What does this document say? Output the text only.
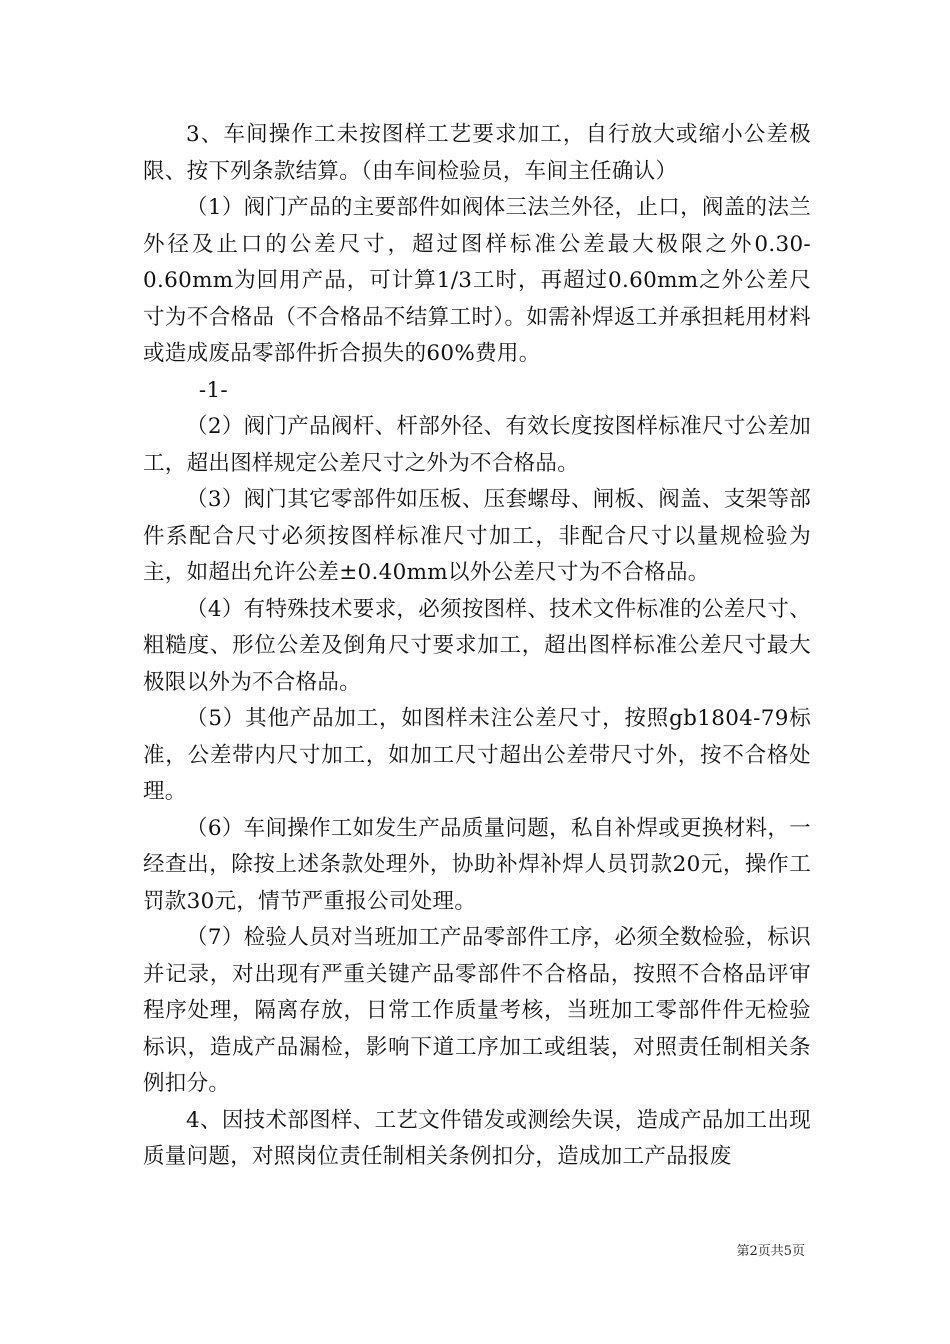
3、车间操作工未按图样工艺要求加工，自行放大或缩小公差极限、按下列条款结算。（由车间检验员，车间主任确认）

（1）阀门产品的主要部件如阀体三法兰外径，止口，阀盖的法兰外径及止口的公差尺寸，超过图样标准公差最大极限之外0.30-0.60mm为回用产品，可计算1/3工时，再超过0.60mm之外公差尺寸为不合格品（不合格品不结算工时）。如需补焊返工并承担耗用材料或造成废品零部件折合损失的60%费用。

-1-

（2）阀门产品阀杆、杆部外径、有效长度按图样标准尺寸公差加工，超出图样规定公差尺寸之外为不合格品。

（3）阀门其它零部件如压板、压套螺母、闸板、阀盖、支架等部件系配合尺寸必须按图样标准尺寸加工，非配合尺寸以量规检验为主，如超出允许公差±0.40mm以外公差尺寸为不合格品。

（4）有特殊技术要求，必须按图样、技术文件标准的公差尺寸、粗糙度、形位公差及倒角尺寸要求加工，超出图样标准公差尺寸最大极限以外为不合格品。

（5）其他产品加工，如图样未注公差尺寸，按照gb1804-79标准，公差带内尺寸加工，如加工尺寸超出公差带尺寸外，按不合格处理。

（6）车间操作工如发生产品质量问题，私自补焊或更换材料，一经查出，除按上述条款处理外，协助补焊补焊人员罚款20元，操作工罚款30元，情节严重报公司处理。

（7）检验人员对当班加工产品零部件工序，必须全数检验，标识并记录，对出现有严重关键产品零部件不合格品，按照不合格品评审程序处理，隔离存放，日常工作质量考核，当班加工零部件件无检验标识，造成产品漏检，影响下道工序加工或组装，对照责任制相关条例扣分。

4、因技术部图样、工艺文件错发或测绘失误，造成产品加工出现质量问题，对照岗位责任制相关条例扣分，造成加工产品报废

第2页共5页
